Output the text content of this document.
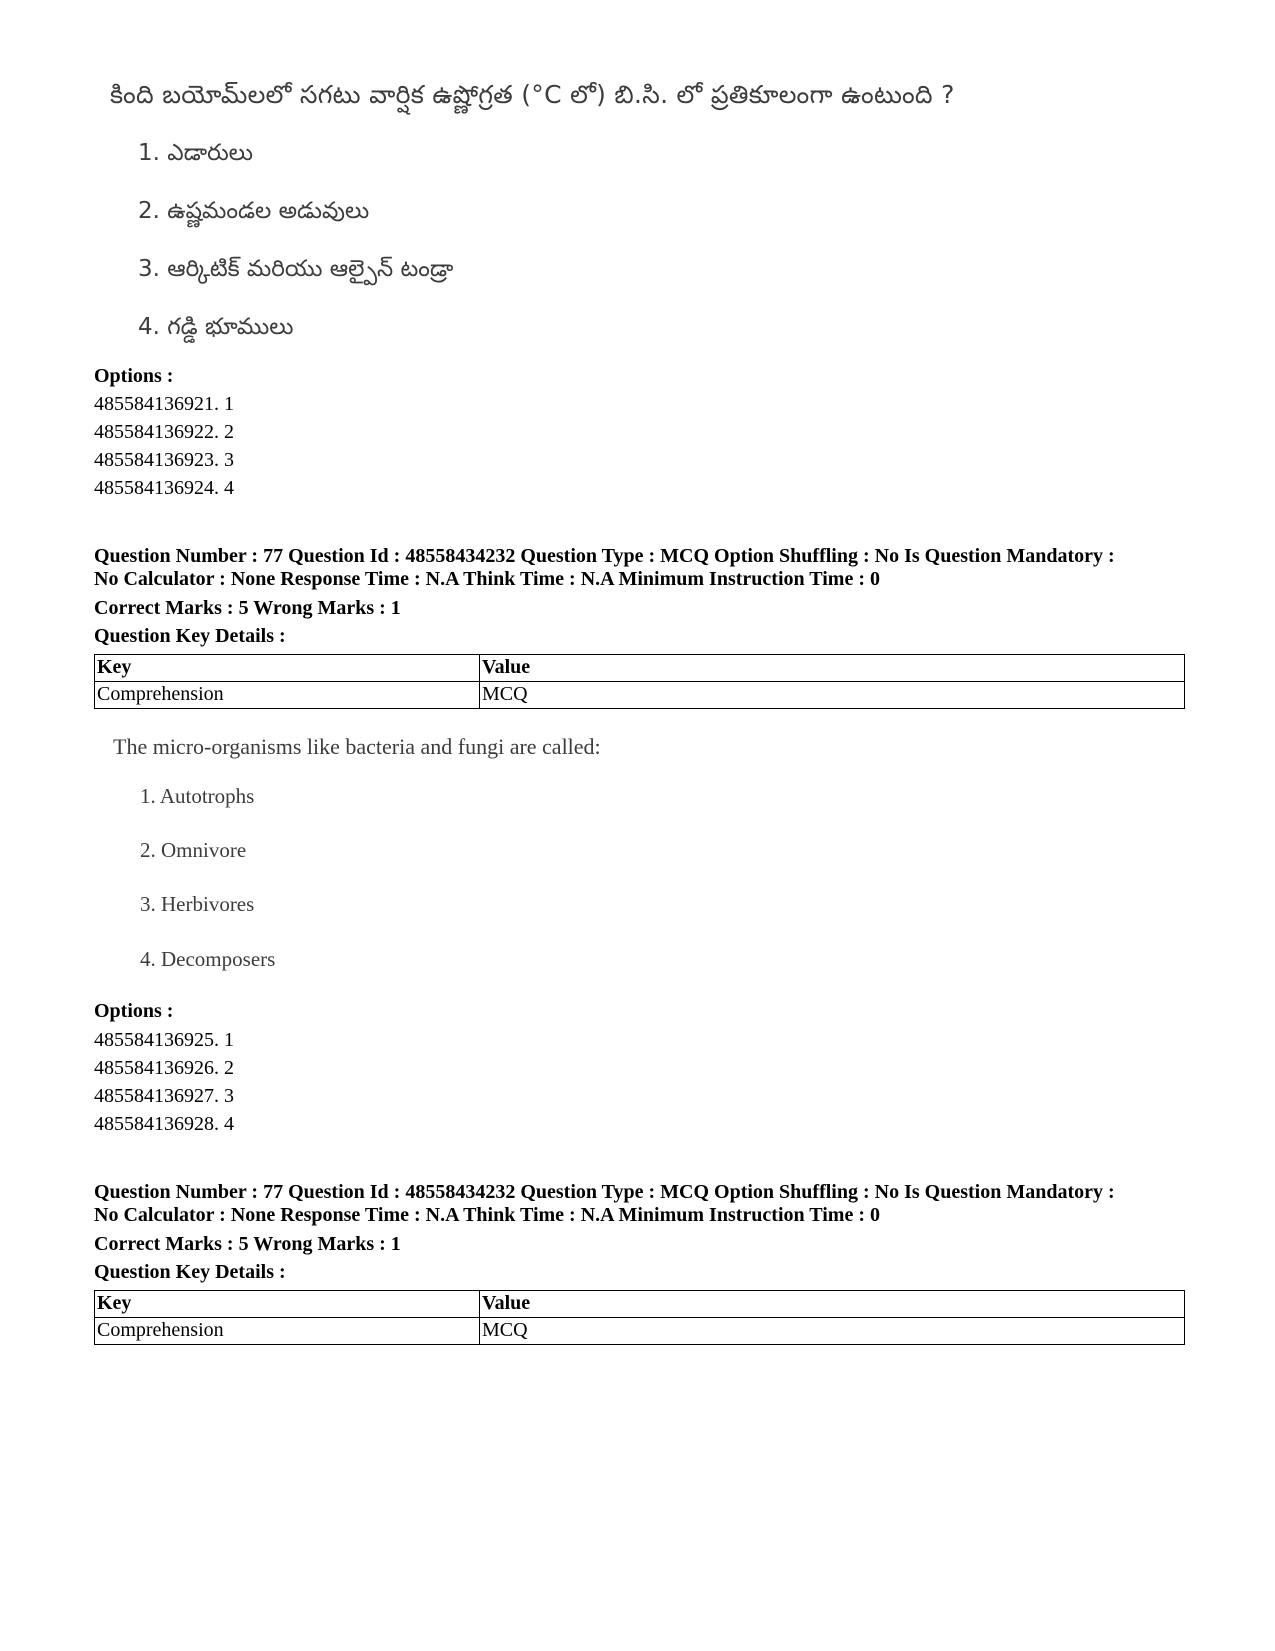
కింది బయోమ్‌లలో సగటు వార్షిక ఉష్ణోగ్రత (°C లో) బి.సి. లో ప్రతికూలంగా ఉంటుంది ?
1. ఎడారులు
2. ఉష్ణమండల అడువులు
3. ఆర్కిటిక్ మరియు ఆల్పైన్ టండ్రా
4. గడ్డి భూములు
Options :
485584136921. 1
485584136922. 2
485584136923. 3
485584136924. 4
Question Number : 77 Question Id : 48558434232 Question Type : MCQ Option Shuffling : No Is Question Mandatory :
No Calculator : None Response Time : N.A Think Time : N.A Minimum Instruction Time : 0
Correct Marks : 5 Wrong Marks : 1
Question Key Details :
Key	Value
Comprehension	MCQ
The micro-organisms like bacteria and fungi are called:
1. Autotrophs
2. Omnivore
3. Herbivores
4. Decomposers
Options :
485584136925. 1
485584136926. 2
485584136927. 3
485584136928. 4
Question Number : 77 Question Id : 48558434232 Question Type : MCQ Option Shuffling : No Is Question Mandatory :
No Calculator : None Response Time : N.A Think Time : N.A Minimum Instruction Time : 0
Correct Marks : 5 Wrong Marks : 1
Question Key Details :
Key	Value
Comprehension	MCQ
